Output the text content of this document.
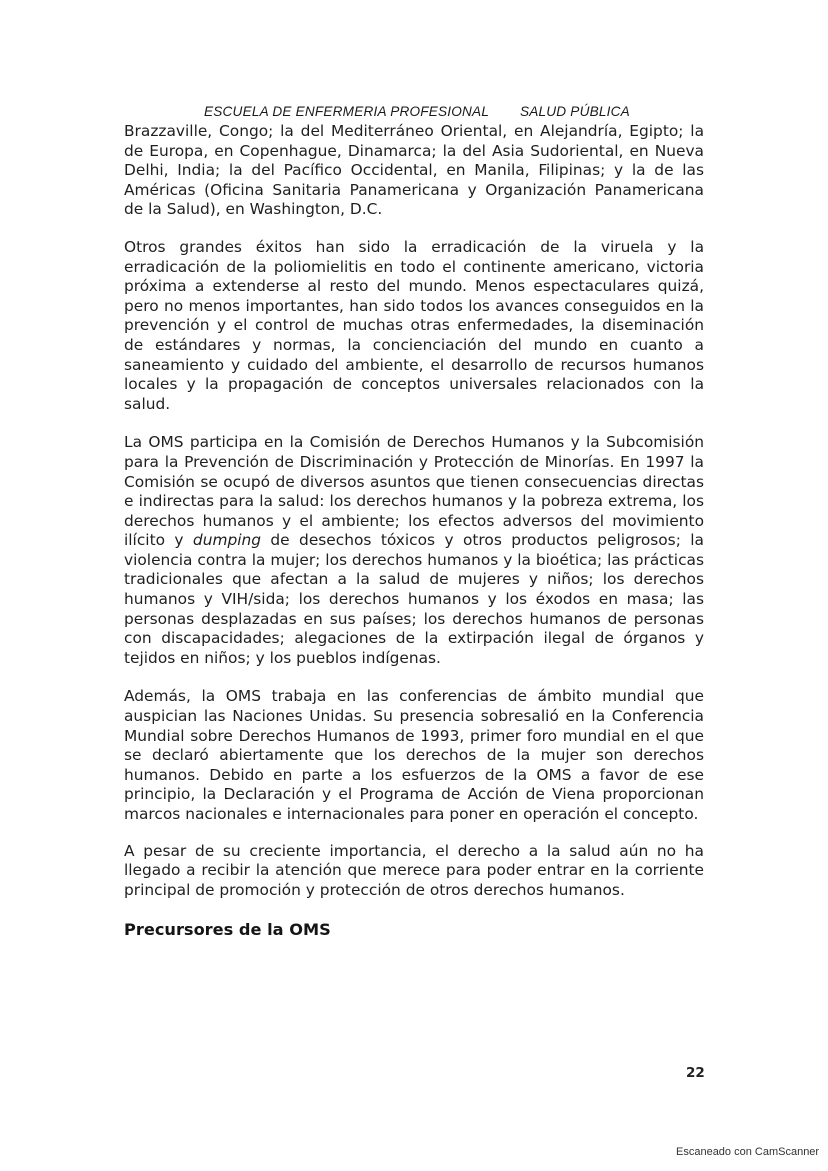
ESCUELA DE ENFERMERIA PROFESIONAL SALUD PÚBLICA

Brazzaville, Congo; la del Mediterráneo Oriental, en Alejandría, Egipto; la de Europa, en Copenhague, Dinamarca; la del Asia Sudoriental, en Nueva Delhi, India; la del Pacífico Occidental, en Manila, Filipinas; y la de las Américas (Oficina Sanitaria Panamericana y Organización Panamericana de la Salud), en Washington, D.C.

Otros grandes éxitos han sido la erradicación de la viruela y la erradicación de la poliomielitis en todo el continente americano, victoria próxima a extenderse al resto del mundo. Menos espectaculares quizá, pero no menos importantes, han sido todos los avances conseguidos en la prevención y el control de muchas otras enfermedades, la diseminación de estándares y normas, la concienciación del mundo en cuanto a saneamiento y cuidado del ambiente, el desarrollo de recursos humanos locales y la propagación de conceptos universales relacionados con la salud.

La OMS participa en la Comisión de Derechos Humanos y la Subcomisión para la Prevención de Discriminación y Protección de Minorías. En 1997 la Comisión se ocupó de diversos asuntos que tienen consecuencias directas e indirectas para la salud: los derechos humanos y la pobreza extrema, los derechos humanos y el ambiente; los efectos adversos del movimiento ilícito y dumping de desechos tóxicos y otros productos peligrosos; la violencia contra la mujer; los derechos humanos y la bioética; las prácticas tradicionales que afectan a la salud de mujeres y niños; los derechos humanos y VIH/sida; los derechos humanos y los éxodos en masa; las personas desplazadas en sus países; los derechos humanos de personas con discapacidades; alegaciones de la extirpación ilegal de órganos y tejidos en niños; y los pueblos indígenas.

Además, la OMS trabaja en las conferencias de ámbito mundial que auspician las Naciones Unidas. Su presencia sobresalió en la Conferencia Mundial sobre Derechos Humanos de 1993, primer foro mundial en el que se declaró abiertamente que los derechos de la mujer son derechos humanos. Debido en parte a los esfuerzos de la OMS a favor de ese principio, la Declaración y el Programa de Acción de Viena proporcionan marcos nacionales e internacionales para poner en operación el concepto.

A pesar de su creciente importancia, el derecho a la salud aún no ha llegado a recibir la atención que merece para poder entrar en la corriente principal de promoción y protección de otros derechos humanos.

Precursores de la OMS
22
Escaneado con CamScanner
